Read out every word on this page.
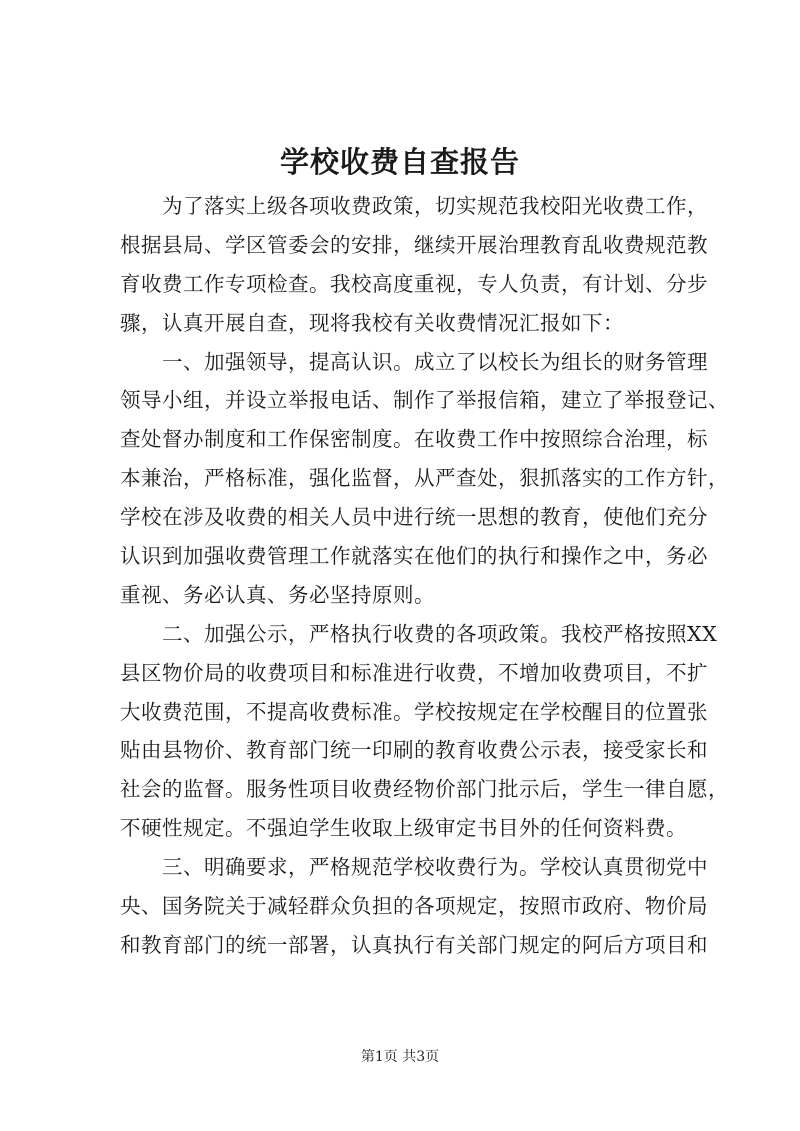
学校收费自查报告
为了落实上级各项收费政策，切实规范我校阳光收费工作，
根据县局、学区管委会的安排，继续开展治理教育乱收费规范教
育收费工作专项检查。我校高度重视，专人负责，有计划、分步
骤，认真开展自查，现将我校有关收费情况汇报如下：
一、加强领导，提高认识。成立了以校长为组长的财务管理
领导小组，并设立举报电话、制作了举报信箱，建立了举报登记、
查处督办制度和工作保密制度。在收费工作中按照综合治理，标
本兼治，严格标准，强化监督，从严查处，狠抓落实的工作方针，
学校在涉及收费的相关人员中进行统一思想的教育，使他们充分
认识到加强收费管理工作就落实在他们的执行和操作之中，务必
重视、务必认真、务必坚持原则。
二、加强公示，严格执行收费的各项政策。我校严格按照XX
县区物价局的收费项目和标准进行收费，不增加收费项目，不扩
大收费范围，不提高收费标准。学校按规定在学校醒目的位置张
贴由县物价、教育部门统一印刷的教育收费公示表，接受家长和
社会的监督。服务性项目收费经物价部门批示后，学生一律自愿，
不硬性规定。不强迫学生收取上级审定书目外的任何资料费。
三、明确要求，严格规范学校收费行为。学校认真贯彻党中
央、国务院关于减轻群众负担的各项规定，按照市政府、物价局
和教育部门的统一部署，认真执行有关部门规定的阿后方项目和
第1页 共3页
